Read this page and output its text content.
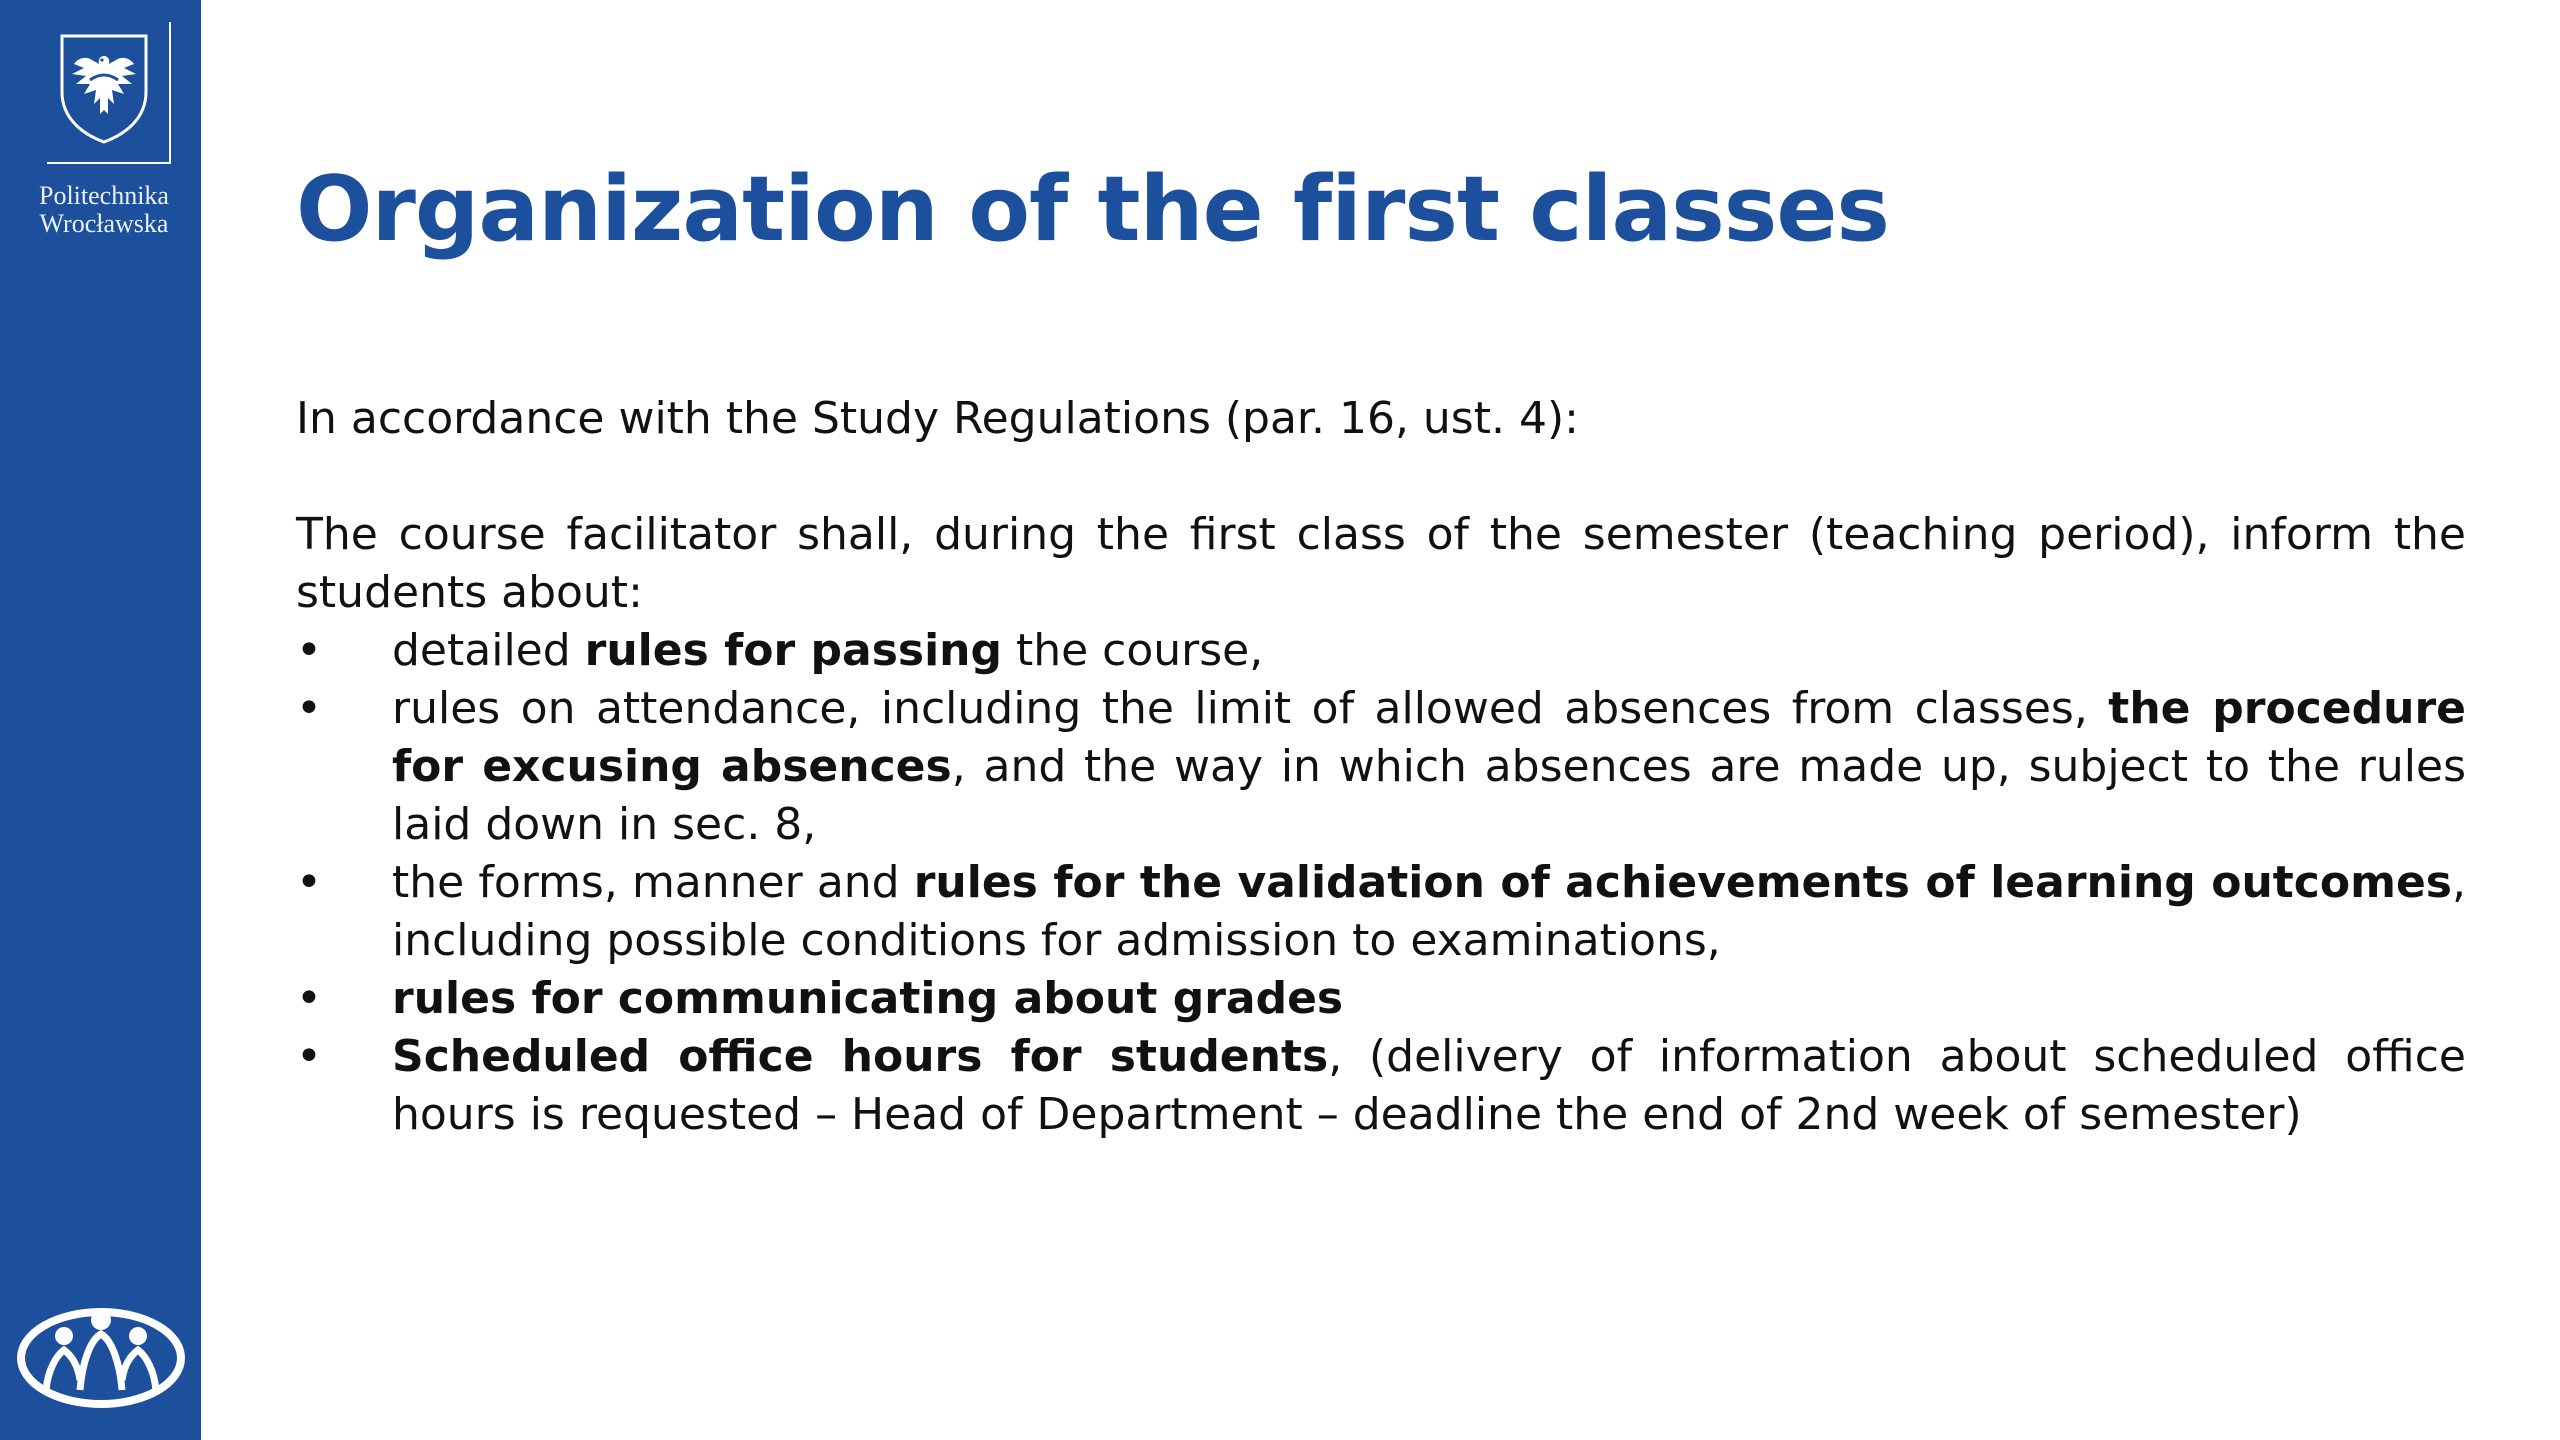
Politechnika
Wrocławska Organization of the first classes

In accordance with the Study Regulations (par. 16, ust. 4):

The course facilitator shall, during the first class of the semester (teaching period), inform the students about:

• detailed rules for passing the course,
• rules on attendance, including the limit of allowed absences from classes, the procedure for excusing absences, and the way in which absences are made up, subject to the rules laid down in sec. 8,
• the forms, manner and rules for the validation of achievements of learning outcomes, including possible conditions for admission to examinations,
• rules for communicating about grades
• Scheduled office hours for students, (delivery of information about scheduled office hours is requested – Head of Department – deadline the end of 2nd week of semester)
